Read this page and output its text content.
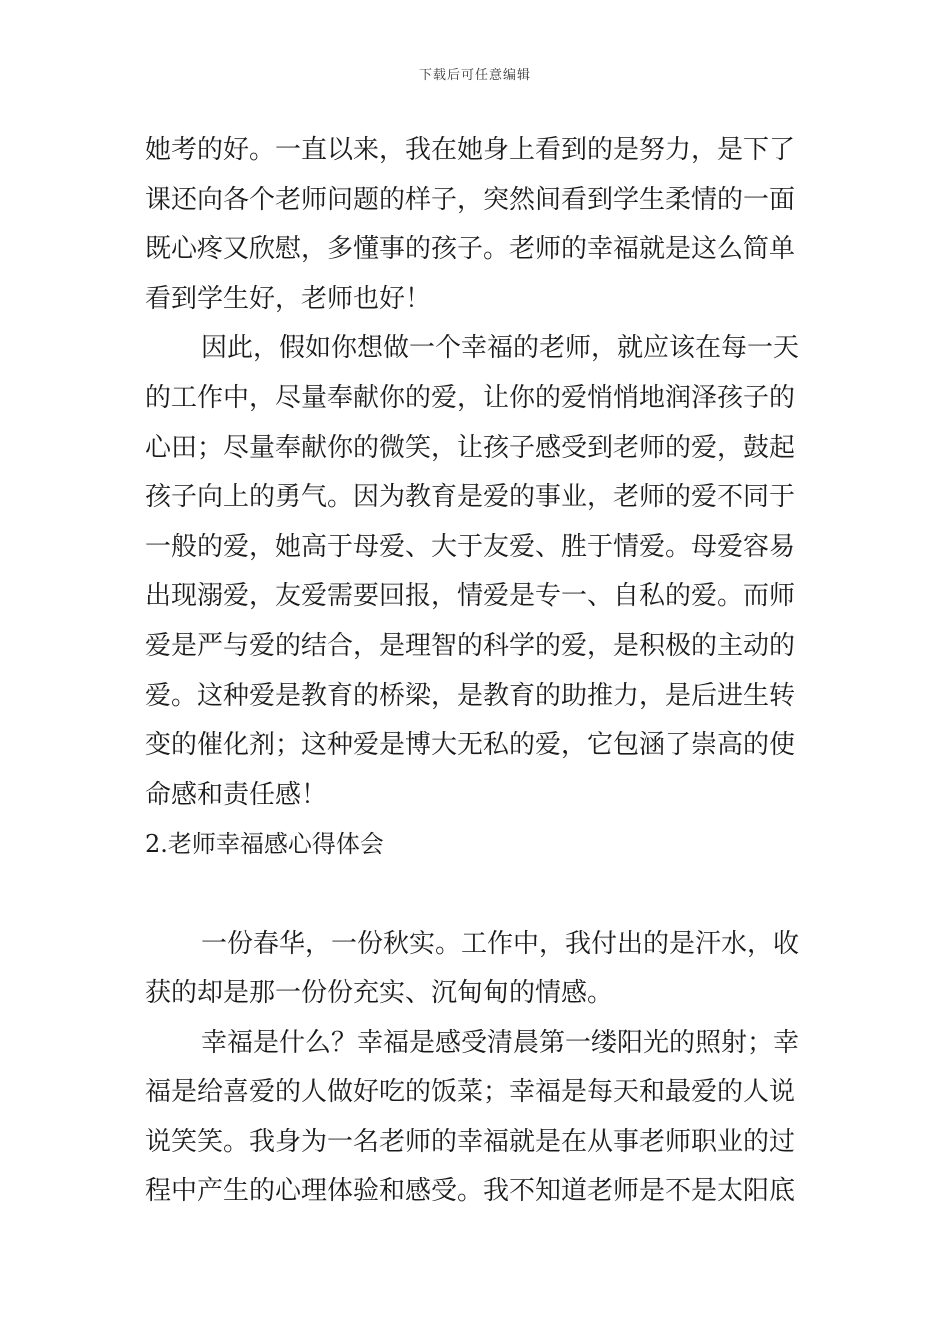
下载后可任意编辑
她考的好。一直以来，我在她身上看到的是努力，是下了
课还向各个老师问题的样子，突然间看到学生柔情的一面
既心疼又欣慰，多懂事的孩子。老师的幸福就是这么简单
看到学生好，老师也好！
因此，假如你想做一个幸福的老师，就应该在每一天
的工作中，尽量奉献你的爱，让你的爱悄悄地润泽孩子的
心田；尽量奉献你的微笑，让孩子感受到老师的爱，鼓起
孩子向上的勇气。因为教育是爱的事业，老师的爱不同于
一般的爱，她高于母爱、大于友爱、胜于情爱。母爱容易
出现溺爱，友爱需要回报，情爱是专一、自私的爱。而师
爱是严与爱的结合，是理智的科学的爱，是积极的主动的
爱。这种爱是教育的桥梁，是教育的助推力，是后进生转
变的催化剂；这种爱是博大无私的爱，它包涵了崇高的使
命感和责任感！
2.老师幸福感心得体会
一份春华，一份秋实。工作中，我付出的是汗水，收
获的却是那一份份充实、沉甸甸的情感。
幸福是什么？幸福是感受清晨第一缕阳光的照射；幸
福是给喜爱的人做好吃的饭菜；幸福是每天和最爱的人说
说笑笑。我身为一名老师的幸福就是在从事老师职业的过
程中产生的心理体验和感受。我不知道老师是不是太阳底
